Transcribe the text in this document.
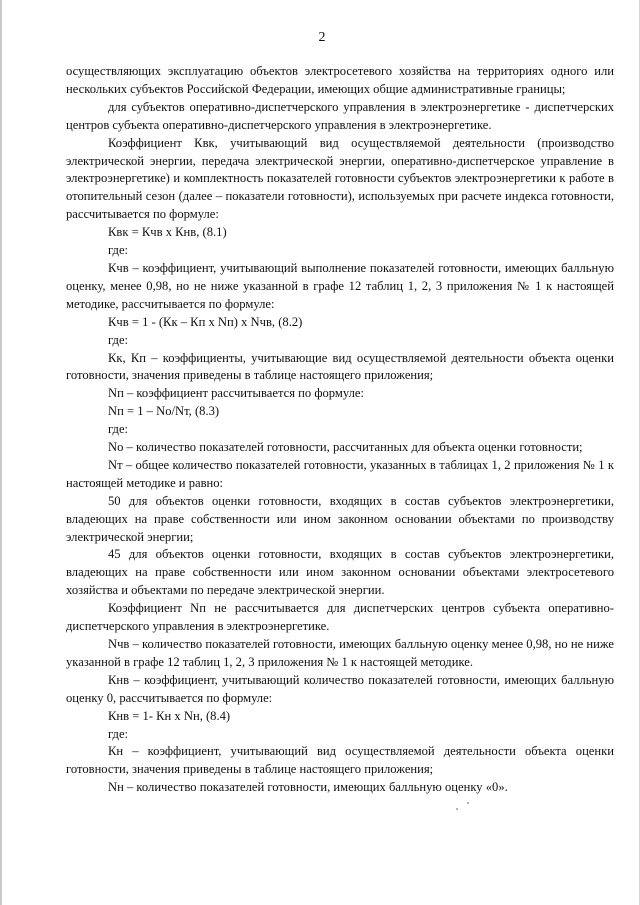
2

осуществляющих эксплуатацию объектов электросетевого хозяйства на территориях одного или нескольких субъектов Российской Федерации, имеющих общие административные границы;

для субъектов оперативно-диспетчерского управления в электроэнергетике - диспетчерских центров субъекта оперативно-диспетчерского управления в электроэнергетике.

Коэффициент Квк, учитывающий вид осуществляемой деятельности (производство электрической энергии, передача электрической энергии, оперативно-диспетчерское управление в электроэнергетике) и комплектность показателей готовности субъектов электроэнергетики к работе в отопительный сезон (далее – показатели готовности), используемых при расчете индекса готовности, рассчитывается по формуле:

Квк = Кчв х Кнв, (8.1)

где:

Кчв – коэффициент, учитывающий выполнение показателей готовности, имеющих балльную оценку, менее 0,98, но не ниже указанной в графе 12 таблиц 1, 2, 3 приложения № 1 к настоящей методике, рассчитывается по формуле:

Кчв = 1 - (Кк – Кп х Nп) х Nчв, (8.2)

где:

Кк, Кп – коэффициенты, учитывающие вид осуществляемой деятельности объекта оценки готовности, значения приведены в таблице настоящего приложения;

Nп – коэффициент рассчитывается по формуле:

Nп = 1 – Nо/Nт, (8.3)

где:

Nо – количество показателей готовности, рассчитанных для объекта оценки готовности;

Nт – общее количество показателей готовности, указанных в таблицах 1, 2 приложения № 1 к настоящей методике и равно:

50 для объектов оценки готовности, входящих в состав субъектов электроэнергетики, владеющих на праве собственности или ином законном основании объектами по производству электрической энергии;

45 для объектов оценки готовности, входящих в состав субъектов электроэнергетики, владеющих на праве собственности или ином законном основании объектами электросетевого хозяйства и объектами по передаче электрической энергии.

Коэффициент Nп не рассчитывается для диспетчерских центров субъекта оперативно-диспетчерского управления в электроэнергетике.

Nчв – количество показателей готовности, имеющих балльную оценку менее 0,98, но не ниже указанной в графе 12 таблиц 1, 2, 3 приложения № 1 к настоящей методике.

Кнв – коэффициент, учитывающий количество показателей готовности, имеющих балльную оценку 0, рассчитывается по формуле:

Кнв = 1- Кн х Nн, (8.4)

где:

Кн – коэффициент, учитывающий вид осуществляемой деятельности объекта оценки готовности, значения приведены в таблице настоящего приложения;

Nн – количество показателей готовности, имеющих балльную оценку «0».
